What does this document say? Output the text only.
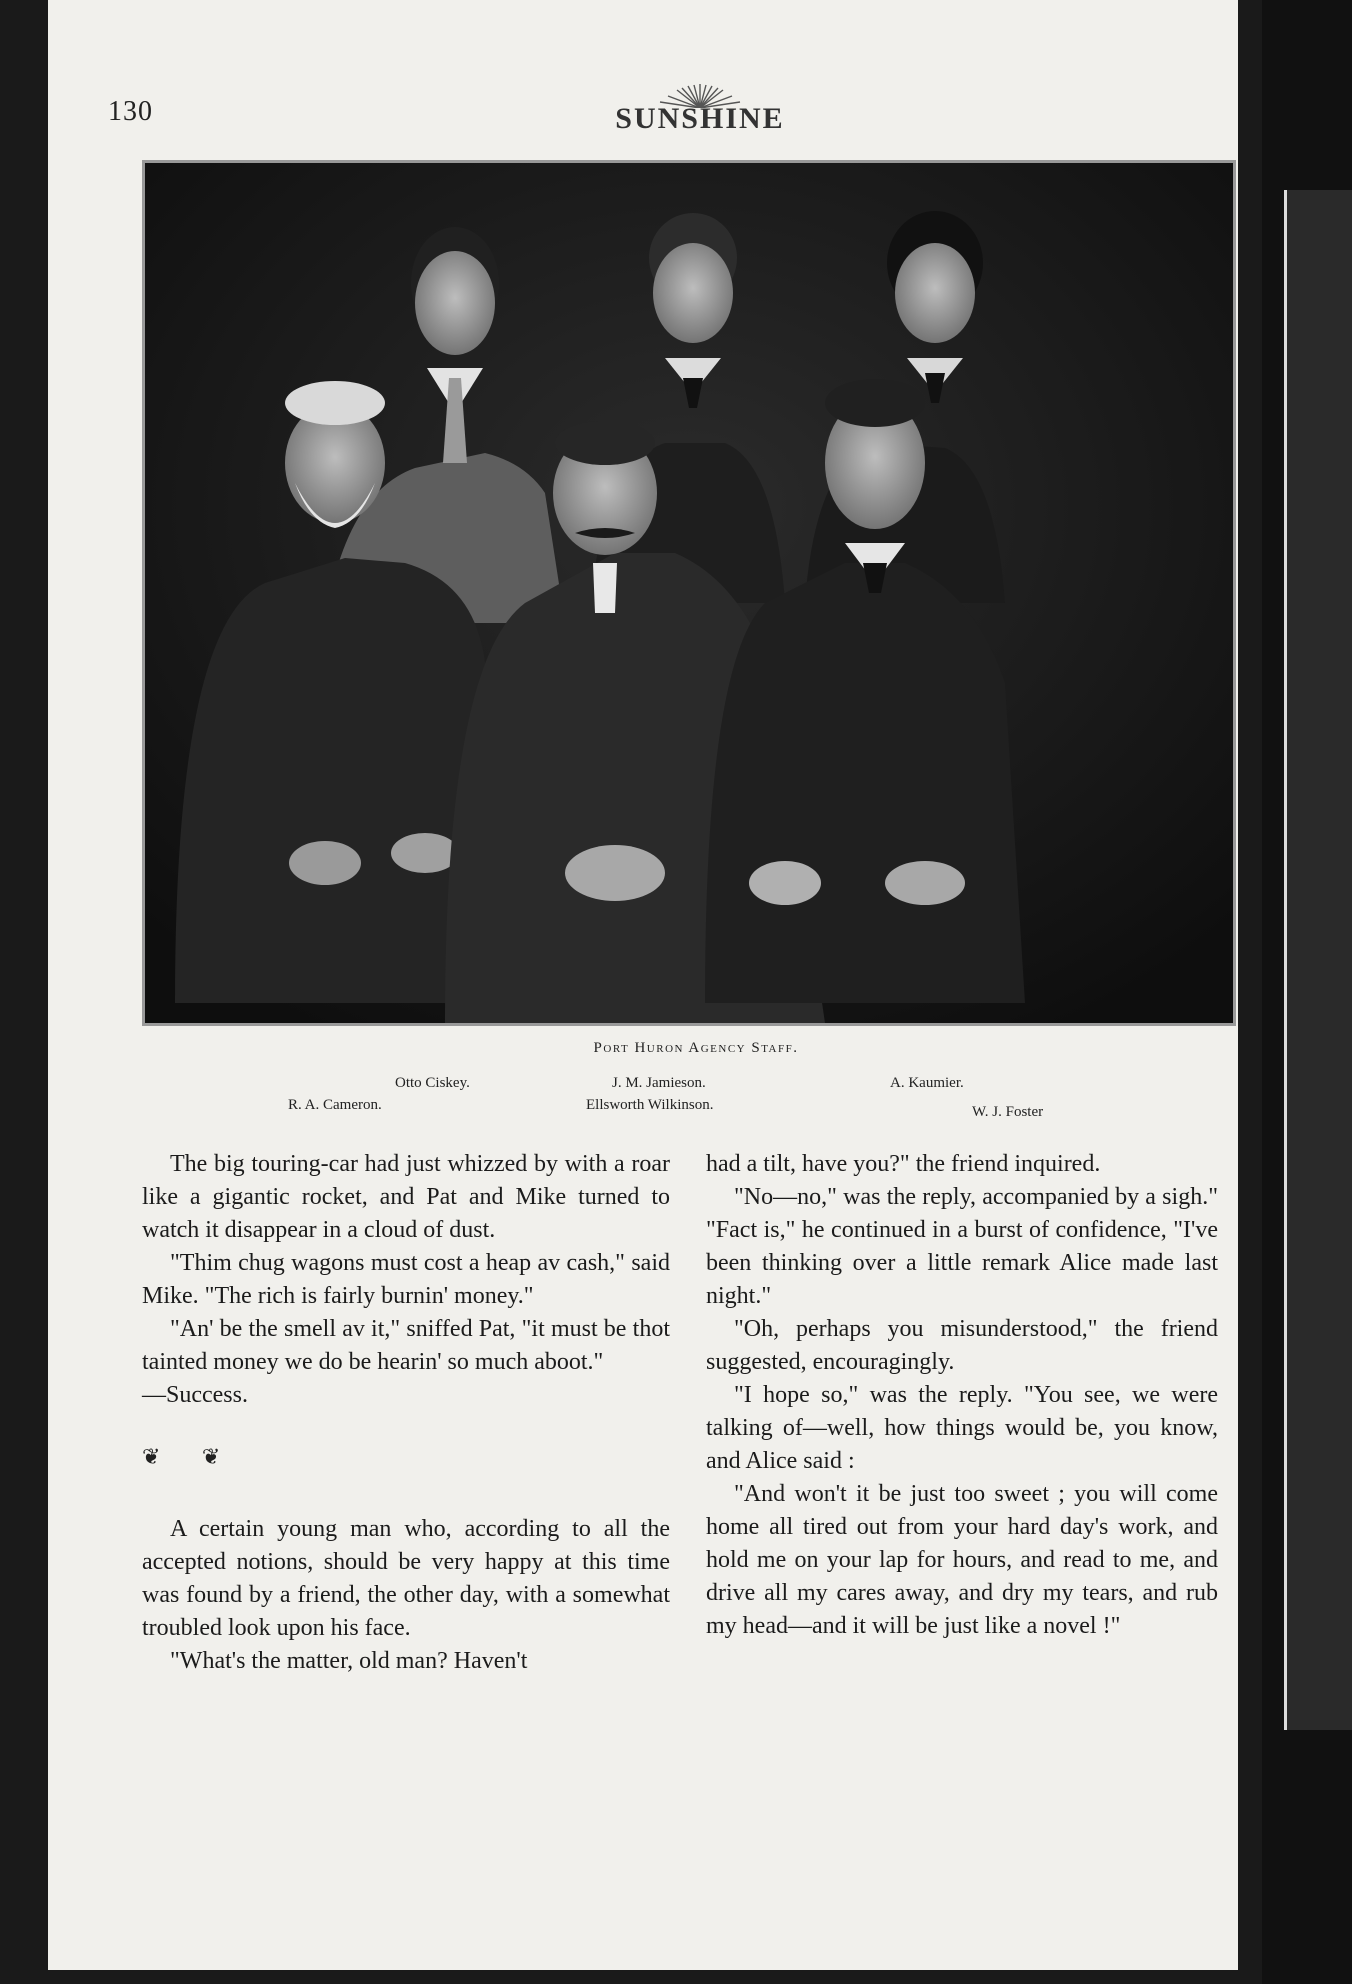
130	SUNSHINE
Port Huron Agency Staff.
Otto Ciskey.	J. M. Jamieson.	A. Kaumier.
R. A. Cameron.	Ellsworth Wilkinson.	W. J. Foster

The big touring-car had just whizzed by with a roar like a gigantic rocket, and Pat and Mike turned to watch it disappear in a cloud of dust.

"Thim chug wagons must cost a heap av cash," said Mike. "The rich is fairly burnin' money."

"An' be the smell av it," sniffed Pat, "it must be thot tainted money we do be hearin' so much aboot."

—Success.

❦ ❦

A certain young man who, according to all the accepted notions, should be very happy at this time was found by a friend, the other day, with a somewhat troubled look upon his face.

"What's the matter, old man? Haven't

had a tilt, have you?" the friend inquired.

"No—no," was the reply, accompanied by a sigh." "Fact is," he continued in a burst of confidence, "I've been thinking over a little remark Alice made last night."

"Oh, perhaps you misunderstood," the friend suggested, encouragingly.

"I hope so," was the reply. "You see, we were talking of—well, how things would be, you know, and Alice said :

"And won't it be just too sweet ; you will come home all tired out from your hard day's work, and hold me on your lap for hours, and read to me, and drive all my cares away, and dry my tears, and rub my head—and it will be just like a novel !"
